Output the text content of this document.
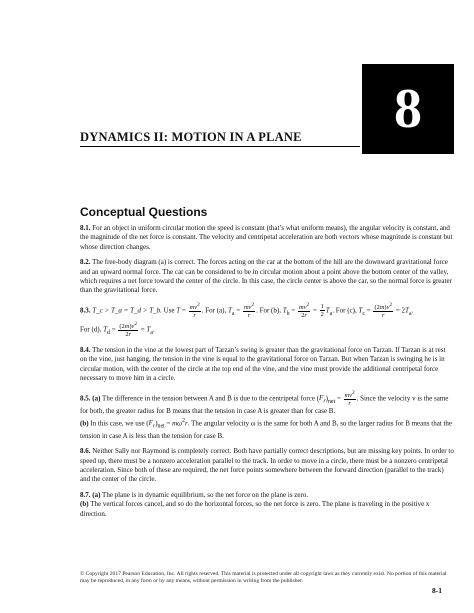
8
DYNAMICS II: MOTION IN A PLANE
Conceptual Questions

8.1. For an object in uniform circular motion the speed is constant (that’s what uniform means), the angular velocity is constant, and the magnitude of the net force is constant. The velocity and centripetal acceleration are both vectors whose magnitude is constant but whose direction changes.

8.2. The free-body diagram (a) is correct. The forces acting on the car at the bottom of the hill are the downward gravitational force and an upward normal force. The car can be considered to be in circular motion about a point above the bottom center of the valley, which requires a net force toward the center of the circle. In this case, the circle center is above the car, so the normal force is greater than the gravitational force.

8.3. T_c > T_a = T_d > T_b. Use $T = \frac{mv^2}{r}$ . For (a), $T_a = \frac{mv^2}{r}$ . For (b), $T_b = \frac{mv^2}{2r} = \frac{1}{2} T_a$. For (c), $T_c = \frac{(2m)v^2}{r} = 2T_a$.
For (d), $T_d = \frac{(2m)v^2}{2r} = T_a$.

8.4. The tension in the vine at the lowest part of Tarzan’s swing is greater than the gravitational force on Tarzan. If Tarzan is at rest on the vine, just hanging, the tension in the vine is equal to the gravitational force on Tarzan. But when Tarzan is swinging he is in circular motion, with the center of the circle at the top end of the vine, and the vine must provide the additional centripetal force necessary to move him in a circle.

8.5. (a) The difference in the tension between A and B is due to the centripetal force $(F_r)_{net} = \frac{mv^2}{r}$ . Since the velocity v is the same for both, the greater radius for B means that the tension in case A is greater than for case B.
(b) In this case, we use $(F_r)_{net} = m\omega^2r$. The angular velocity ω is the same for both A and B, so the larger radius for B means that the tension in case A is less than the tension for case B.

8.6. Neither Sally nor Raymond is completely correct. Both have partially correct descriptions, but are missing key points. In order to speed up, there must be a nonzero acceleration parallel to the track. In order to move in a circle, there must be a nonzero centripetal acceleration. Since both of these are required, the net force points somewhere between the forward direction (parallel to the track) and the center of the circle.

8.7. (a) The plane is in dynamic equilibrium, so the net force on the plane is zero.
(b) The vertical forces cancel, and so do the horizontal forces, so the net force is zero. The plane is traveling in the positive x direction.

© Copyright 2017 Pearson Education, Inc. All rights reserved. This material is protected under all copyright laws as they currently exist. No portion of this material may be reproduced, in any form or by any means, without permission in writing from the publisher.
8-1
